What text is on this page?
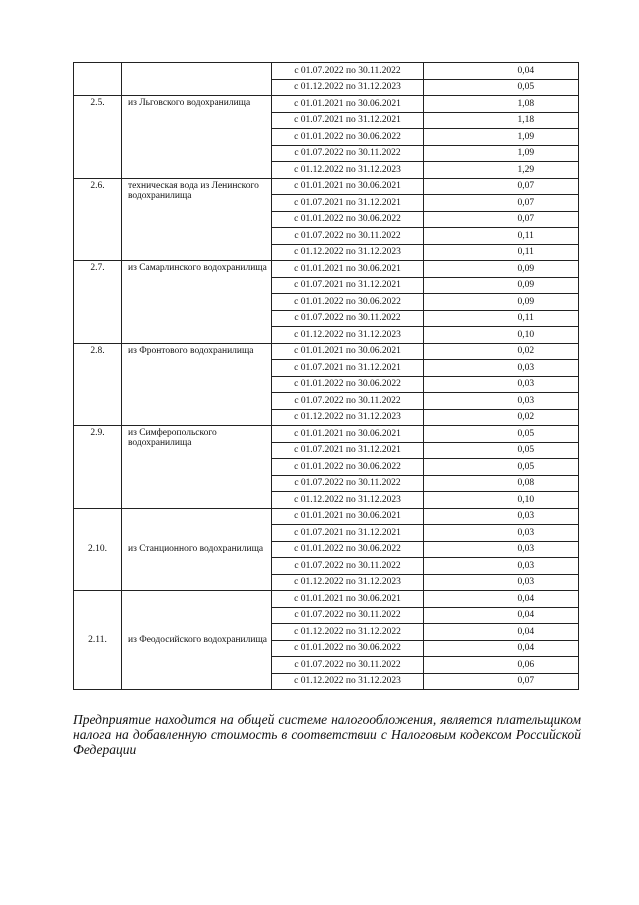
		с 01.07.2022 по 30.11.2022		0,04
		с 01.12.2022 по 31.12.2023		0,05
2.5.	из Льговского водохранилища	с 01.01.2021 по 30.06.2021		1,08
		с 01.07.2021 по 31.12.2021		1,18
		с 01.01.2022 по 30.06.2022		1,09
		с 01.07.2022 по 30.11.2022		1,09
		с 01.12.2022 по 31.12.2023		1,29
2.6.	техническая вода из Ленинского водохранилища	с 01.01.2021 по 30.06.2021		0,07
		с 01.07.2021 по 31.12.2021		0,07
		с 01.01.2022 по 30.06.2022		0,07
		с 01.07.2022 по 30.11.2022		0,11
		с 01.12.2022 по 31.12.2023		0,11
2.7.	из Самарлинского водохранилища	с 01.01.2021 по 30.06.2021		0,09
		с 01.07.2021 по 31.12.2021		0,09
		с 01.01.2022 по 30.06.2022		0,09
		с 01.07.2022 по 30.11.2022		0,11
		с 01.12.2022 по 31.12.2023		0,10
2.8.	из Фронтового водохранилища	с 01.01.2021 по 30.06.2021		0,02
		с 01.07.2021 по 31.12.2021		0,03
		с 01.01.2022 по 30.06.2022		0,03
		с 01.07.2022 по 30.11.2022		0,03
		с 01.12.2022 по 31.12.2023		0,02
2.9.	из Симферопольского водохранилища	с 01.01.2021 по 30.06.2021		0,05
		с 01.07.2021 по 31.12.2021		0,05
		с 01.01.2022 по 30.06.2022		0,05
		с 01.07.2022 по 30.11.2022		0,08
		с 01.12.2022 по 31.12.2023		0,10
2.10.	из Станционного водохранилища	с 01.01.2021 по 30.06.2021		0,03
		с 01.07.2021 по 31.12.2021		0,03
		с 01.01.2022 по 30.06.2022		0,03
		с 01.07.2022 по 30.11.2022		0,03
		с 01.12.2022 по 31.12.2023		0,03
2.11.	из Феодосийского водохранилища	с 01.01.2021 по 30.06.2021		0,04
		с 01.07.2022 по 30.11.2022		0,04
		с 01.12.2022 по 31.12.2022		0,04
		с 01.01.2022 по 30.06.2022		0,04
		с 01.07.2022 по 30.11.2022		0,06
		с 01.12.2022 по 31.12.2023		0,07

Предприятие находится на общей системе налогообложения, является плательщиком налога на добавленную стоимость в соответствии с Налоговым кодексом Российской Федерации
